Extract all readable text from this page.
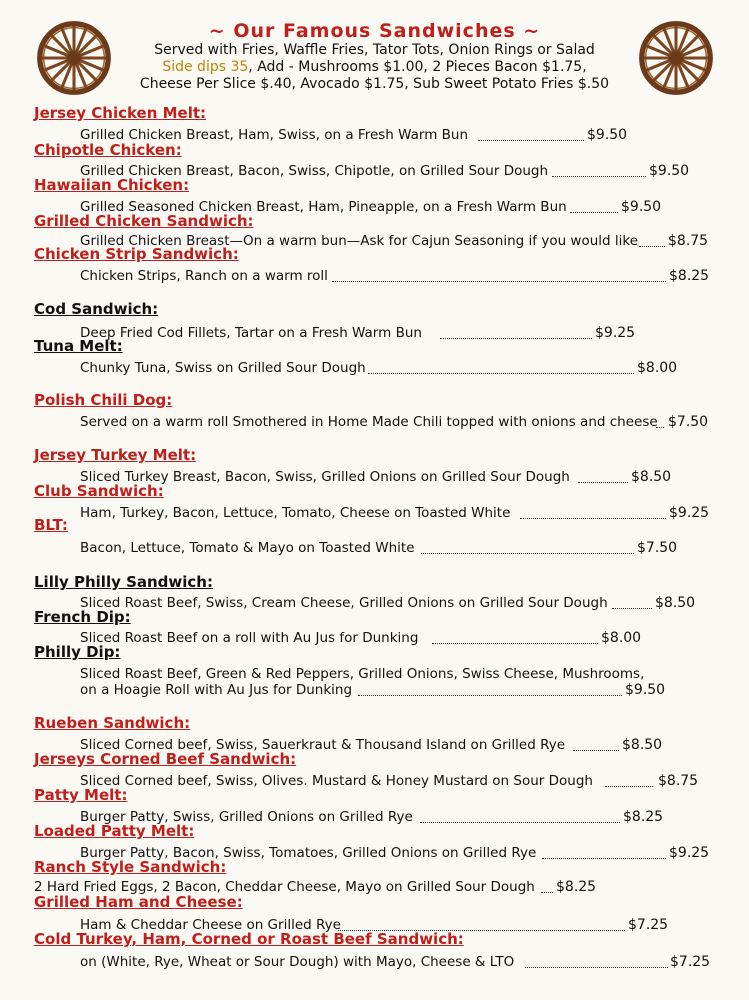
~ Our Famous Sandwiches ~
Served with Fries, Waffle Fries, Tator Tots, Onion Rings or Salad
Side dips 35, Add - Mushrooms $1.00, 2 Pieces Bacon $1.75,
Cheese Per Slice $.40, Avocado $1.75, Sub Sweet Potato Fries $.50
Jersey Chicken Melt:
Grilled Chicken Breast, Ham, Swiss, on a Fresh Warm Bun	$9.50
Chipotle Chicken:
Grilled Chicken Breast, Bacon, Swiss, Chipotle, on Grilled Sour Dough	$9.50
Hawaiian Chicken:
Grilled Seasoned Chicken Breast, Ham, Pineapple, on a Fresh Warm Bun	$9.50
Grilled Chicken Sandwich:
Grilled Chicken Breast—On a warm bun—Ask for Cajun Seasoning if you would like $8.75
Chicken Strip Sandwich:
Chicken Strips, Ranch on a warm roll	$8.25
Cod Sandwich:
Deep Fried Cod Fillets, Tartar on a Fresh Warm Bun	$9.25
Tuna Melt:
Chunky Tuna, Swiss on Grilled Sour Dough	$8.00
Polish Chili Dog:
Served on a warm roll Smothered in Home Made Chili topped with onions and cheese $7.50
Jersey Turkey Melt:
Sliced Turkey Breast, Bacon, Swiss, Grilled Onions on Grilled Sour Dough	$8.50
Club Sandwich:
Ham, Turkey, Bacon, Lettuce, Tomato, Cheese on Toasted White	$9.25
BLT:
Bacon, Lettuce, Tomato & Mayo on Toasted White	$7.50
Lilly Philly Sandwich:
Sliced Roast Beef, Swiss, Cream Cheese, Grilled Onions on Grilled Sour Dough	$8.50
French Dip:
Sliced Roast Beef on a roll with Au Jus for Dunking	$8.00
Philly Dip:
Sliced Roast Beef, Green & Red Peppers, Grilled Onions, Swiss Cheese, Mushrooms,
on a Hoagie Roll with Au Jus for Dunking	$9.50
Rueben Sandwich:
Sliced Corned beef, Swiss, Sauerkraut & Thousand Island on Grilled Rye	$8.50
Jerseys Corned Beef Sandwich:
Sliced Corned beef, Swiss, Olives. Mustard & Honey Mustard on Sour Dough	$8.75
Patty Melt:
Burger Patty, Swiss, Grilled Onions on Grilled Rye	$8.25
Loaded Patty Melt:
Burger Patty, Bacon, Swiss, Tomatoes, Grilled Onions on Grilled Rye	$9.25
Ranch Style Sandwich:
2 Hard Fried Eggs, 2 Bacon, Cheddar Cheese, Mayo on Grilled Sour Dough $8.25
Grilled Ham and Cheese:
Ham & Cheddar Cheese on Grilled Rye	$7.25
Cold Turkey, Ham, Corned or Roast Beef Sandwich:
on (White, Rye, Wheat or Sour Dough) with Mayo, Cheese & LTO	$7.25
